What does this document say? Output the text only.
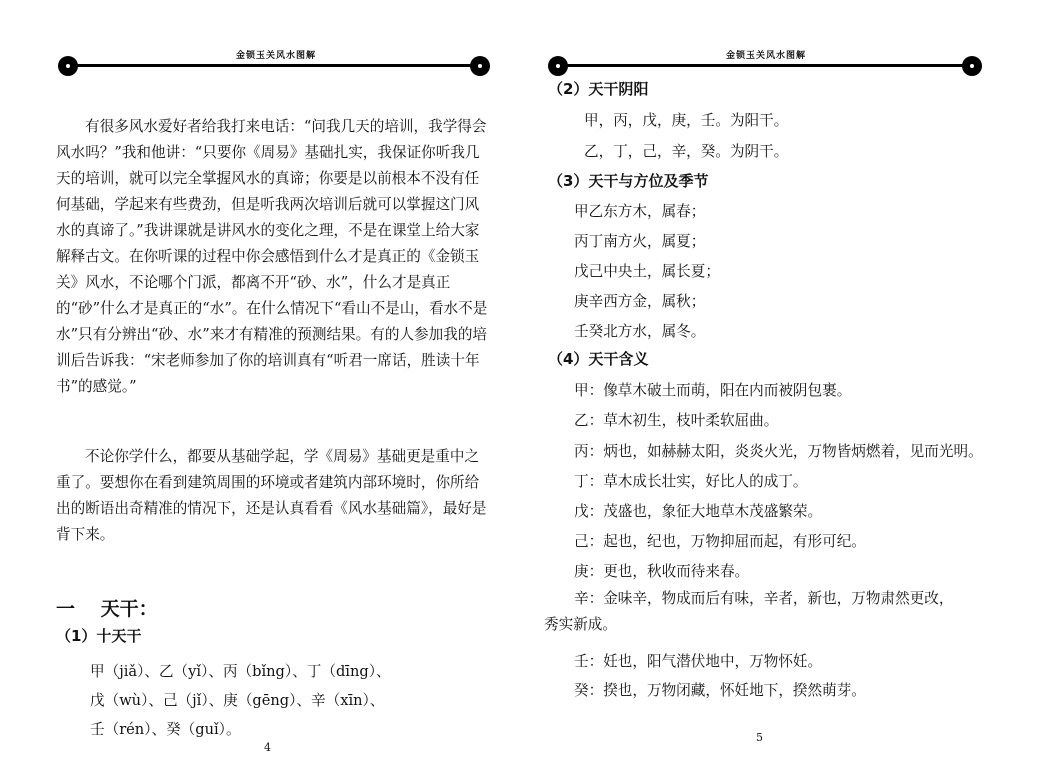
金锁玉关风水图解

有很多风水爱好者给我打来电话：“问我几天的培训，我学得会风水吗？”我和他讲：“只要你《周易》基础扎实，我保证你听我几天的培训，就可以完全掌握风水的真谛；你要是以前根本不没有任何基础，学起来有些费劲，但是听我两次培训后就可以掌握这门风水的真谛了。”我讲课就是讲风水的变化之理，不是在课堂上给大家解释古文。在你听课的过程中你会感悟到什么才是真正的《金锁玉关》风水，不论哪个门派，都离不开“砂、水”，什么才是真正的“砂”什么才是真正的“水”。在什么情况下“看山不是山，看水不是水”只有分辨出“砂、水”来才有精准的预测结果。有的人参加我的培训后告诉我：“宋老师参加了你的培训真有“听君一席话，胜读十年书”的感觉。”

不论你学什么，都要从基础学起，学《周易》基础更是重中之重了。要想你在看到建筑周围的环境或者建筑内部环境时，你所给出的断语出奇精准的情况下，还是认真看看《风水基础篇》，最好是背下来。

一　 天干：

（1）十天干

甲（jiǎ）、乙（yǐ）、丙（bǐng）、丁（dīng）、

戊（wù）、己（jǐ）、庚（gēng）、辛（xīn）、

壬（rén）、癸（guǐ）。

4
金锁玉关风水图解

（2）天干阴阳

甲，丙，戊，庚，壬。为阳干。

乙，丁，己，辛，癸。为阴干。

（3）天干与方位及季节

甲乙东方木，属春；

丙丁南方火，属夏；

戊己中央土，属长夏；

庚辛西方金，属秋；

壬癸北方水，属冬。

（4）天干含义

甲：像草木破土而萌，阳在内而被阴包裹。

乙：草木初生，枝叶柔软屈曲。

丙：炳也，如赫赫太阳，炎炎火光，万物皆炳燃着，见而光明。

丁：草木成长壮实，好比人的成丁。

戊：茂盛也，象征大地草木茂盛繁荣。

己：起也，纪也，万物抑屈而起，有形可纪。

庚：更也，秋收而待来春。

辛：金味辛，物成而后有味，辛者，新也，万物肃然更改，秀实新成。

壬：妊也，阳气潜伏地中，万物怀妊。

癸：揆也，万物闭藏，怀妊地下，揆然萌芽。

5
